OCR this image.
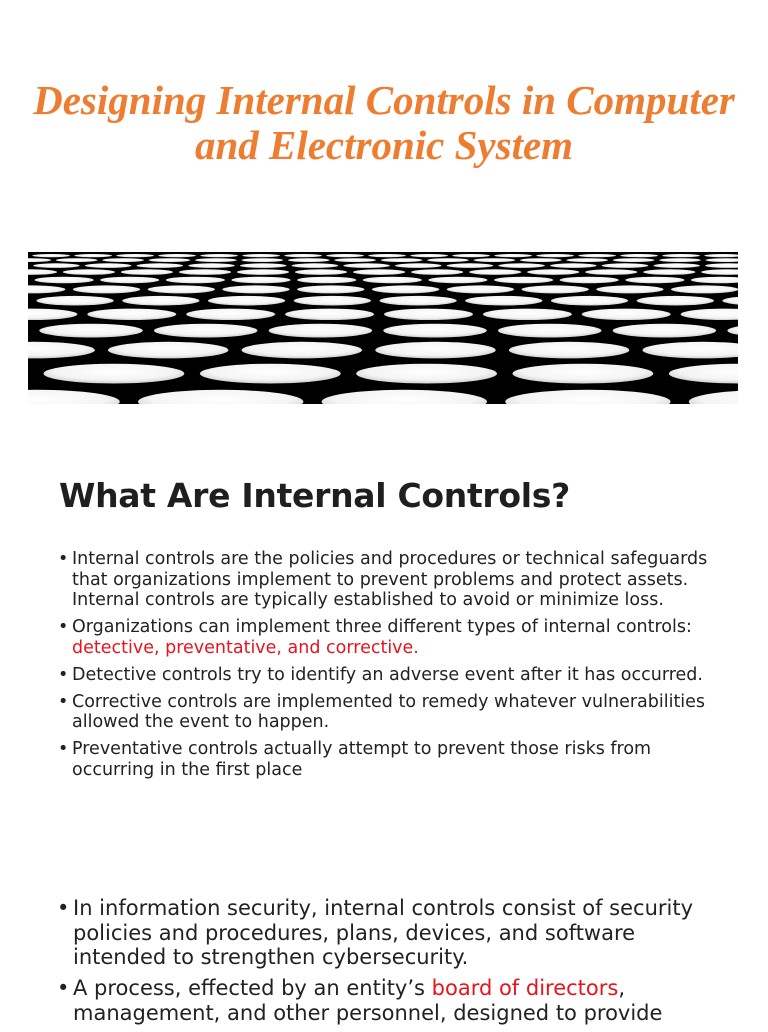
Designing Internal Controls in Computer and Electronic System
What Are Internal Controls?
• Internal controls are the policies and procedures or technical safeguards that organizations implement to prevent problems and protect assets. Internal controls are typically established to avoid or minimize loss.
• Organizations can implement three different types of internal controls:
detective, preventative, and corrective.
• Detective controls try to identify an adverse event after it has occurred.
• Corrective controls are implemented to remedy whatever vulnerabilities allowed the event to happen.
• Preventative controls actually attempt to prevent those risks from occurring in the first place
• In information security, internal controls consist of security policies and procedures, plans, devices, and software intended to strengthen cybersecurity.
• A process, effected by an entity’s board of directors, management, and other personnel, designed to provide
